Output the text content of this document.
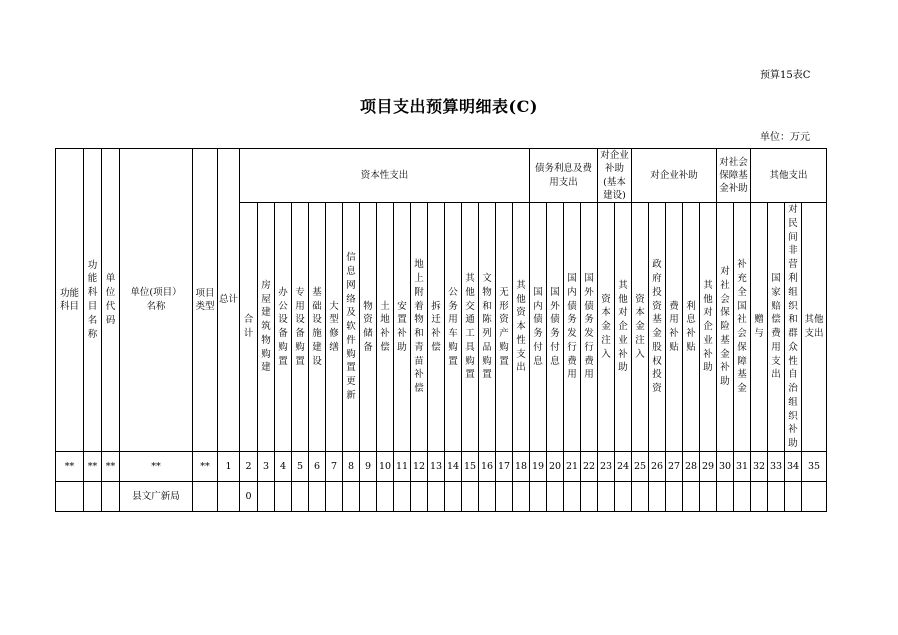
预算15表C
项目支出预算明细表(C)
单位：万元
功能科目	功能科目名称	单位代码	单位(项目）名称	项目类型	总计	资本性支出																	债务利息及费用支出				对企业补助(基本建设)		对企业补助					对社会保障基金补助		其他支出			
						合计	房屋建筑物购建	办公设备购置	专用设备购置	基础设施建设	大型修缮	信息网络及软件购置更新	物资储备	土地补偿	安置补助	地上附着物和青苗补偿	拆迁补偿	公务用车购置	其他交通工具购置	文物和陈列品购置	无形资产购置	其他资本性支出	国内债务付息	国外债务付息	国内债务发行费用	国外债务发行费用	资本金注入	其他对企业补助	资本金注入	政府投资基金股权投资	费用补贴	利息补贴	其他对企业补助	对社会保险基金补助	补充全国社会保障基金	赠与	国家赔偿费用支出	对民间非营利组织和群众性自治组织补助	其他支出
**	**	**	**	**	1	2	3	4	5	6	7	8	9	10	11	12	13	14	15	16	17	18	19	20	21	22	23	24	25	26	27	28	29	30	31	32	33	34	35
			县文广新局			0																																	
